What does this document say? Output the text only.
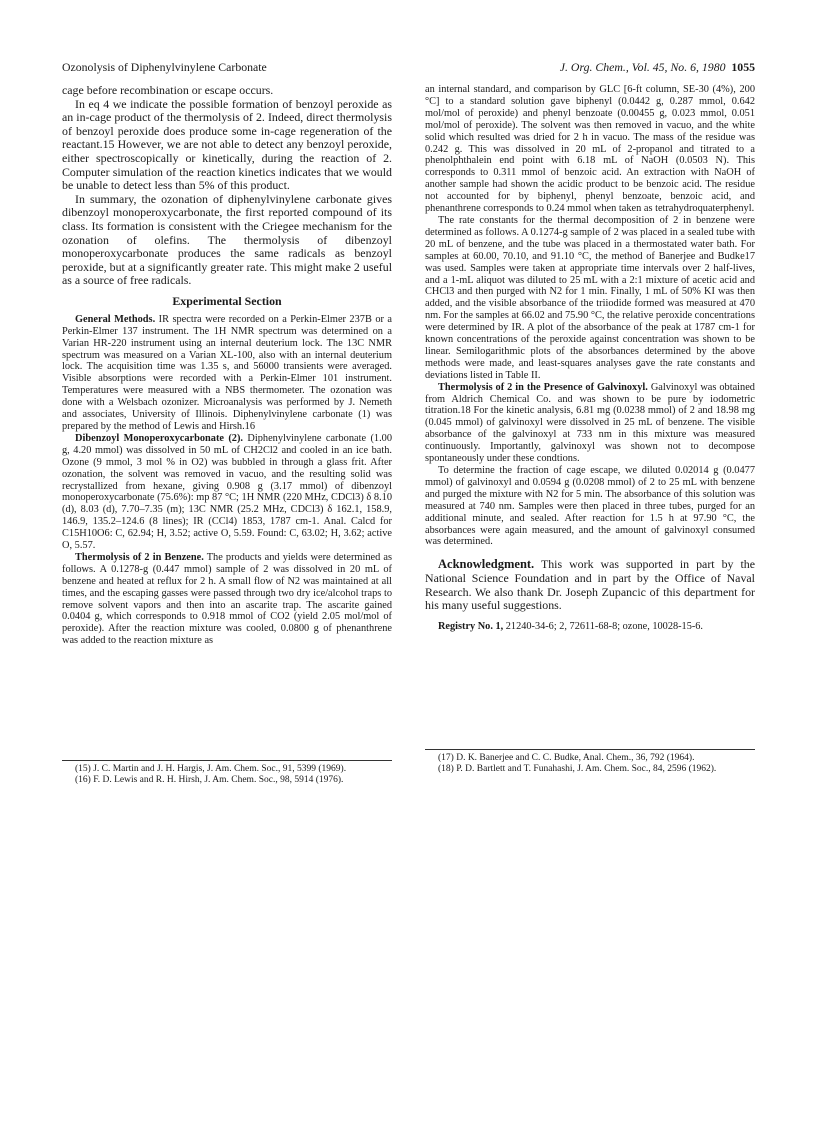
Ozonolysis of Diphenylvinylene Carbonate	J. Org. Chem., Vol. 45, No. 6, 1980 1055

cage before recombination or escape occurs.

In eq 4 we indicate the possible formation of benzoyl peroxide as an in-cage product of the thermolysis of 2. Indeed, direct thermolysis of benzoyl peroxide does produce some in-cage regeneration of the reactant.15 However, we are not able to detect any benzoyl peroxide, either spectroscopically or kinetically, during the reaction of 2. Computer simulation of the reaction kinetics indicates that we would be unable to detect less than 5% of this product.

In summary, the ozonation of diphenylvinylene carbonate gives dibenzoyl monoperoxycarbonate, the first reported compound of its class. Its formation is consistent with the Criegee mechanism for the ozonation of olefins. The thermolysis of dibenzoyl monoperoxycarbonate produces the same radicals as benzoyl peroxide, but at a significantly greater rate. This might make 2 useful as a source of free radicals.

Experimental Section

General Methods. IR spectra were recorded on a Perkin-Elmer 237B or a Perkin-Elmer 137 instrument. The 1H NMR spectrum was determined on a Varian HR-220 instrument using an internal deuterium lock. The 13C NMR spectrum was measured on a Varian XL-100, also with an internal deuterium lock. The acquisition time was 1.35 s, and 56000 transients were averaged. Visible absorptions were recorded with a Perkin-Elmer 101 instrument. Temperatures were measured with a NBS thermometer. The ozonation was done with a Welsbach ozonizer. Microanalysis was performed by J. Nemeth and associates, University of Illinois. Diphenylvinylene carbonate (1) was prepared by the method of Lewis and Hirsh.16

Dibenzoyl Monoperoxycarbonate (2). Diphenylvinylene carbonate (1.00 g, 4.20 mmol) was dissolved in 50 mL of CH2Cl2 and cooled in an ice bath. Ozone (9 mmol, 3 mol % in O2) was bubbled in through a glass frit. After ozonation, the solvent was removed in vacuo, and the resulting solid was recrystallized from hexane, giving 0.908 g (3.17 mmol) of dibenzoyl monoperoxycarbonate (75.6%): mp 87 °C; 1H NMR (220 MHz, CDCl3) δ 8.10 (d), 8.03 (d), 7.70–7.35 (m); 13C NMR (25.2 MHz, CDCl3) δ 162.1, 158.9, 146.9, 135.2–124.6 (8 lines); IR (CCl4) 1853, 1787 cm-1. Anal. Calcd for C15H10O6: C, 62.94; H, 3.52; active O, 5.59. Found: C, 63.02; H, 3.62; active O, 5.57.

Thermolysis of 2 in Benzene. The products and yields were determined as follows. A 0.1278-g (0.447 mmol) sample of 2 was dissolved in 20 mL of benzene and heated at reflux for 2 h. A small flow of N2 was maintained at all times, and the escaping gasses were passed through two dry ice/alcohol traps to remove solvent vapors and then into an ascarite trap. The ascarite gained 0.0404 g, which corresponds to 0.918 mmol of CO2 (yield 2.05 mol/mol of peroxide). After the reaction mixture was cooled, 0.0800 g of phenanthrene was added to the reaction mixture as

an internal standard, and comparison by GLC [6-ft column, SE-30 (4%), 200 °C] to a standard solution gave biphenyl (0.0442 g, 0.287 mmol, 0.642 mol/mol of peroxide) and phenyl benzoate (0.00455 g, 0.023 mmol, 0.051 mol/mol of peroxide). The solvent was then removed in vacuo, and the white solid which resulted was dried for 2 h in vacuo. The mass of the residue was 0.242 g. This was dissolved in 20 mL of 2-propanol and titrated to a phenolphthalein end point with 6.18 mL of NaOH (0.0503 N). This corresponds to 0.311 mmol of benzoic acid. An extraction with NaOH of another sample had shown the acidic product to be benzoic acid. The residue not accounted for by biphenyl, phenyl benzoate, benzoic acid, and phenanthrene corresponds to 0.24 mmol when taken as tetrahydroquaterphenyl.

The rate constants for the thermal decomposition of 2 in benzene were determined as follows. A 0.1274-g sample of 2 was placed in a sealed tube with 20 mL of benzene, and the tube was placed in a thermostated water bath. For samples at 60.00, 70.10, and 91.10 °C, the method of Banerjee and Budke17 was used. Samples were taken at appropriate time intervals over 2 half-lives, and a 1-mL aliquot was diluted to 25 mL with a 2:1 mixture of acetic acid and CHCl3 and then purged with N2 for 1 min. Finally, 1 mL of 50% KI was then added, and the visible absorbance of the triiodide formed was measured at 470 nm. For the samples at 66.02 and 75.90 °C, the relative peroxide concentrations were determined by IR. A plot of the absorbance of the peak at 1787 cm-1 for known concentrations of the peroxide against concentration was shown to be linear. Semilogarithmic plots of the absorbances determined by the above methods were made, and least-squares analyses gave the rate constants and deviations listed in Table II.

Thermolysis of 2 in the Presence of Galvinoxyl. Galvinoxyl was obtained from Aldrich Chemical Co. and was shown to be pure by iodometric titration.18 For the kinetic analysis, 6.81 mg (0.0238 mmol) of 2 and 18.98 mg (0.045 mmol) of galvinoxyl were dissolved in 25 mL of benzene. The visible absorbance of the galvinoxyl at 733 nm in this mixture was measured continuously. Importantly, galvinoxyl was shown not to decompose spontaneously under these condtions.

To determine the fraction of cage escape, we diluted 0.02014 g (0.0477 mmol) of galvinoxyl and 0.0594 g (0.0208 mmol) of 2 to 25 mL with benzene and purged the mixture with N2 for 5 min. The absorbance of this solution was measured at 740 nm. Samples were then placed in three tubes, purged for an additional minute, and sealed. After reaction for 1.5 h at 97.90 °C, the absorbances were again measured, and the amount of galvinoxyl consumed was determined.

Acknowledgment. This work was supported in part by the National Science Foundation and in part by the Office of Naval Research. We also thank Dr. Joseph Zupancic of this department for his many useful suggestions.

Registry No. 1, 21240-34-6; 2, 72611-68-8; ozone, 10028-15-6.

(15) J. C. Martin and J. H. Hargis, J. Am. Chem. Soc., 91, 5399 (1969).

(16) F. D. Lewis and R. H. Hirsh, J. Am. Chem. Soc., 98, 5914 (1976).

(17) D. K. Banerjee and C. C. Budke, Anal. Chem., 36, 792 (1964).

(18) P. D. Bartlett and T. Funahashi, J. Am. Chem. Soc., 84, 2596 (1962).
